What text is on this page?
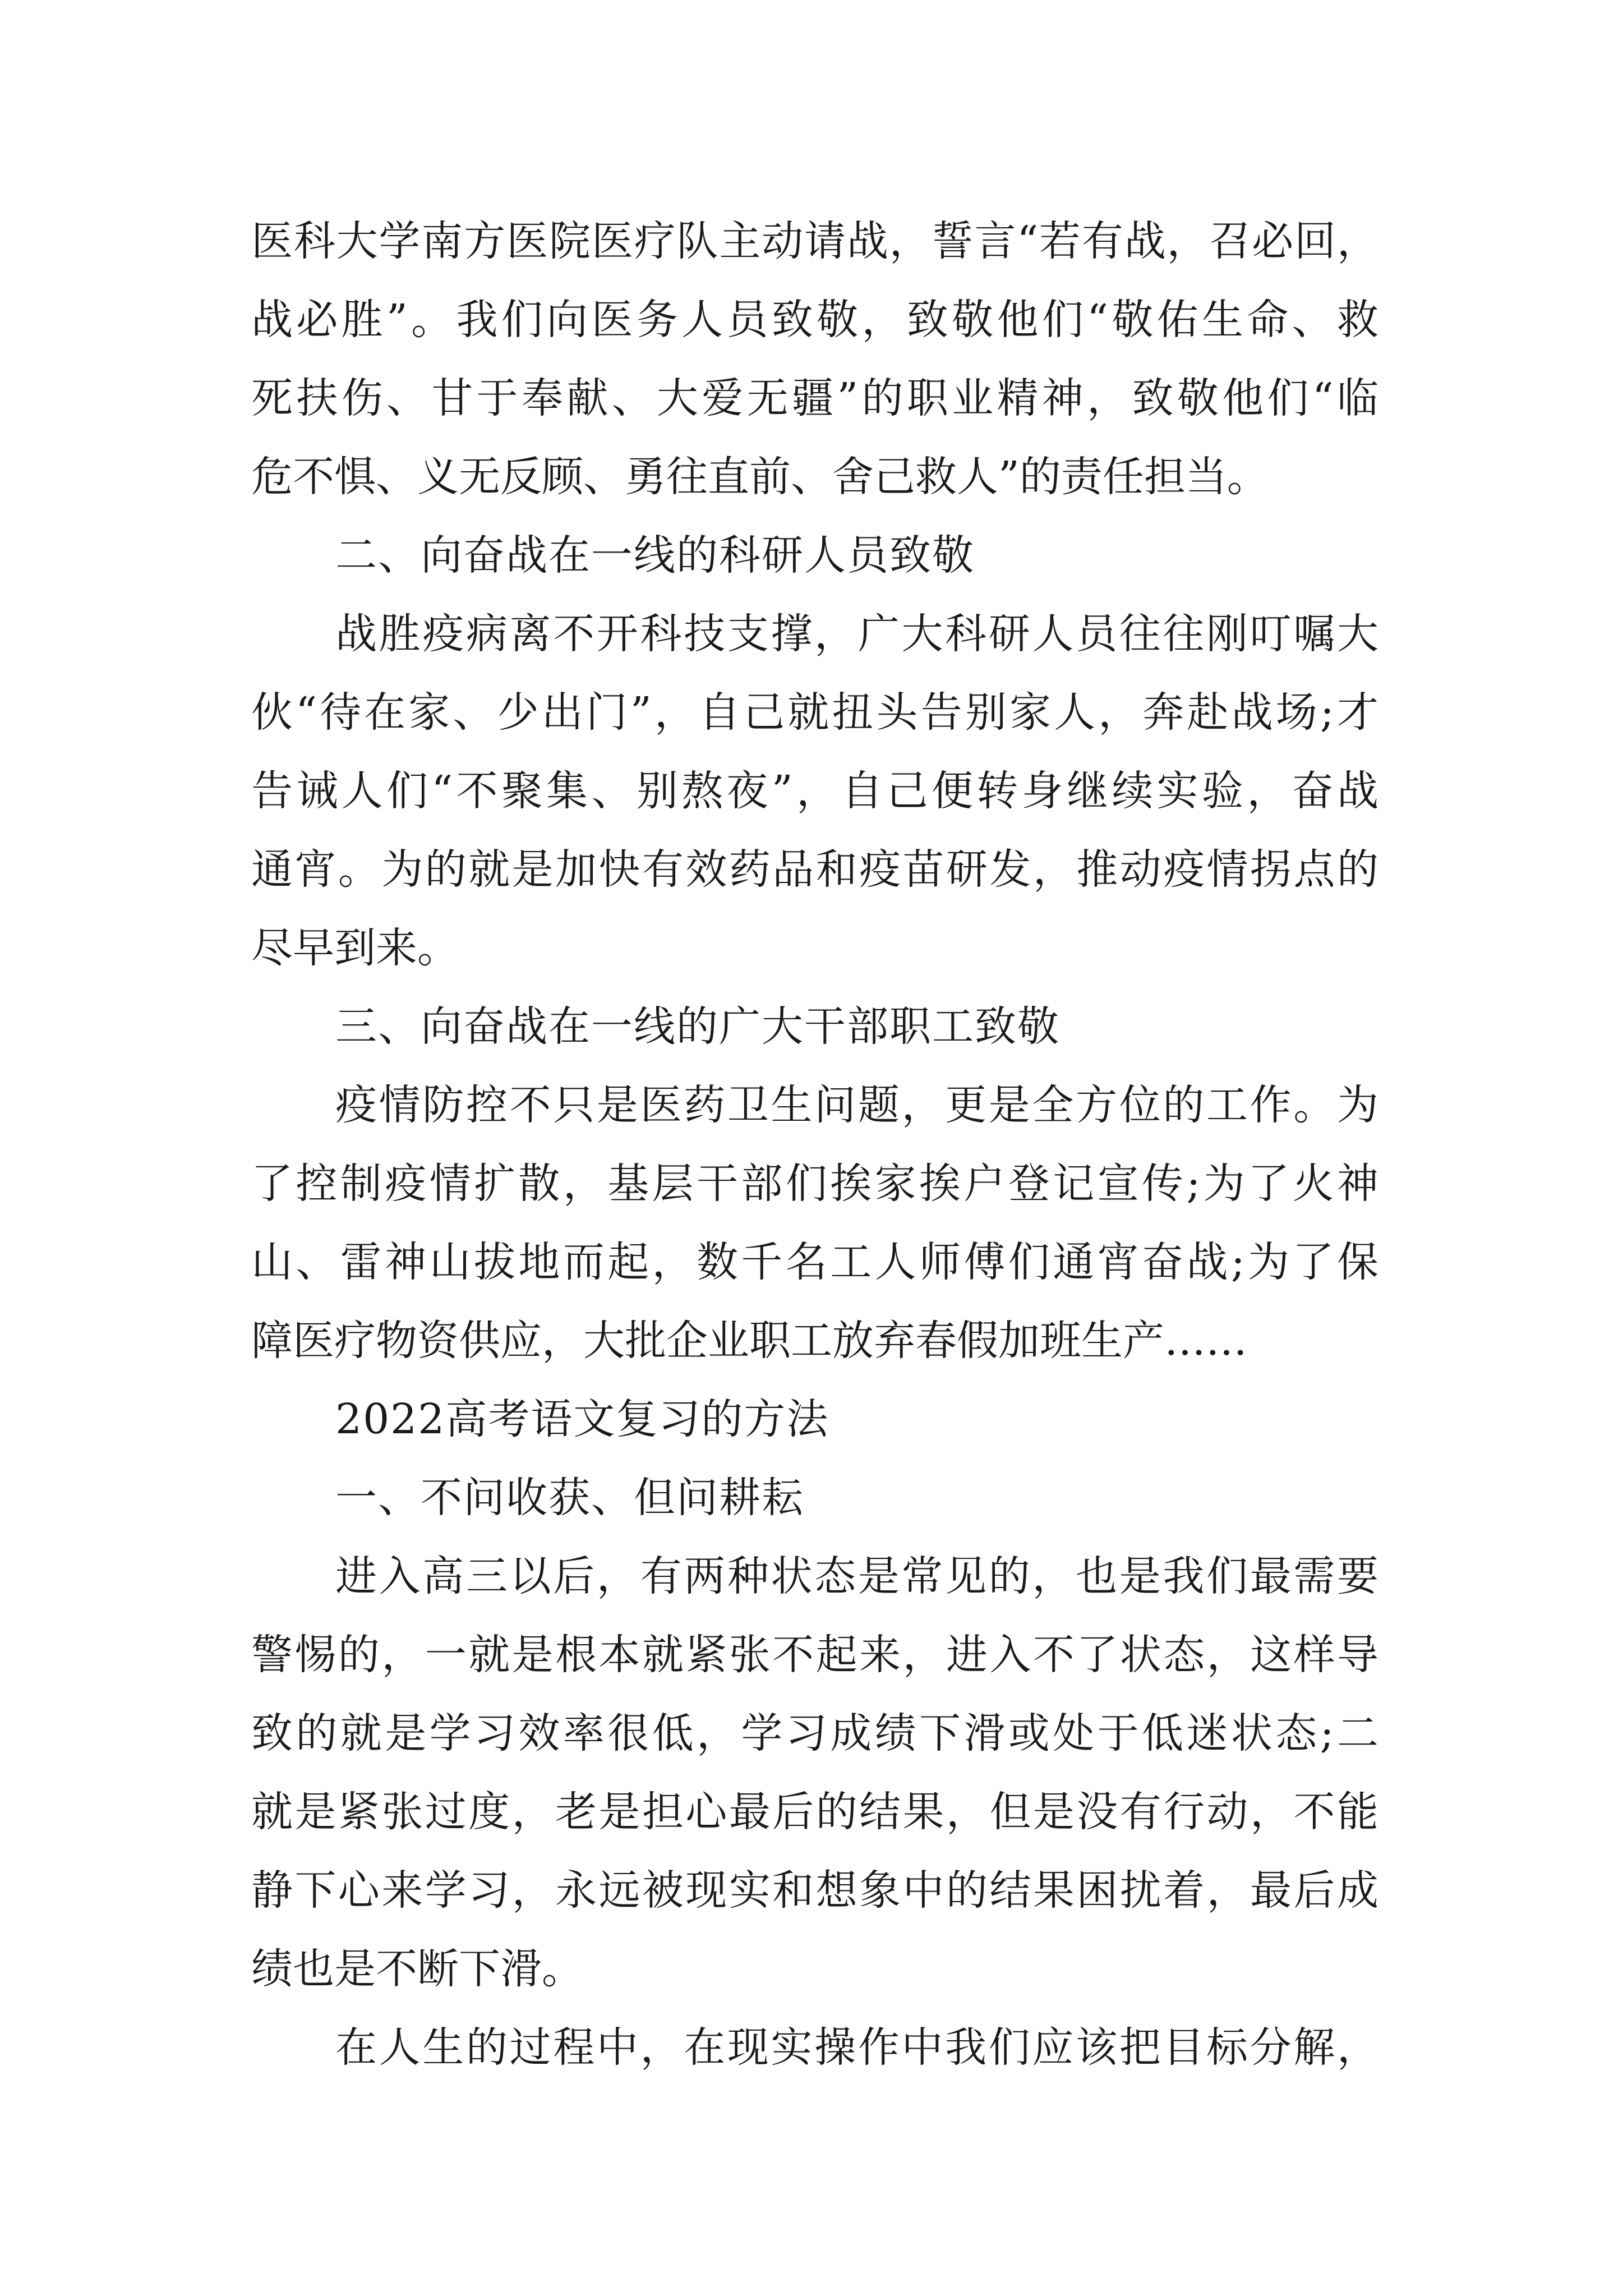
医科大学南方医院医疗队主动请战，誓言“若有战，召必回，
战必胜”。我们向医务人员致敬，致敬他们“敬佑生命、救
死扶伤、甘于奉献、大爱无疆”的职业精神，致敬他们“临
危不惧、义无反顾、勇往直前、舍己救人”的责任担当。
二、向奋战在一线的科研人员致敬
战胜疫病离不开科技支撑，广大科研人员往往刚叮嘱大
伙“待在家、少出门”，自己就扭头告别家人，奔赴战场;才
告诫人们“不聚集、别熬夜”，自己便转身继续实验，奋战
通宵。为的就是加快有效药品和疫苗研发，推动疫情拐点的
尽早到来。
三、向奋战在一线的广大干部职工致敬
疫情防控不只是医药卫生问题，更是全方位的工作。为
了控制疫情扩散，基层干部们挨家挨户登记宣传;为了火神
山、雷神山拔地而起，数千名工人师傅们通宵奋战;为了保
障医疗物资供应，大批企业职工放弃春假加班生产……
2022高考语文复习的方法
一、不问收获、但问耕耘
进入高三以后，有两种状态是常见的，也是我们最需要
警惕的，一就是根本就紧张不起来，进入不了状态，这样导
致的就是学习效率很低，学习成绩下滑或处于低迷状态;二
就是紧张过度，老是担心最后的结果，但是没有行动，不能
静下心来学习，永远被现实和想象中的结果困扰着，最后成
绩也是不断下滑。
在人生的过程中，在现实操作中我们应该把目标分解，
